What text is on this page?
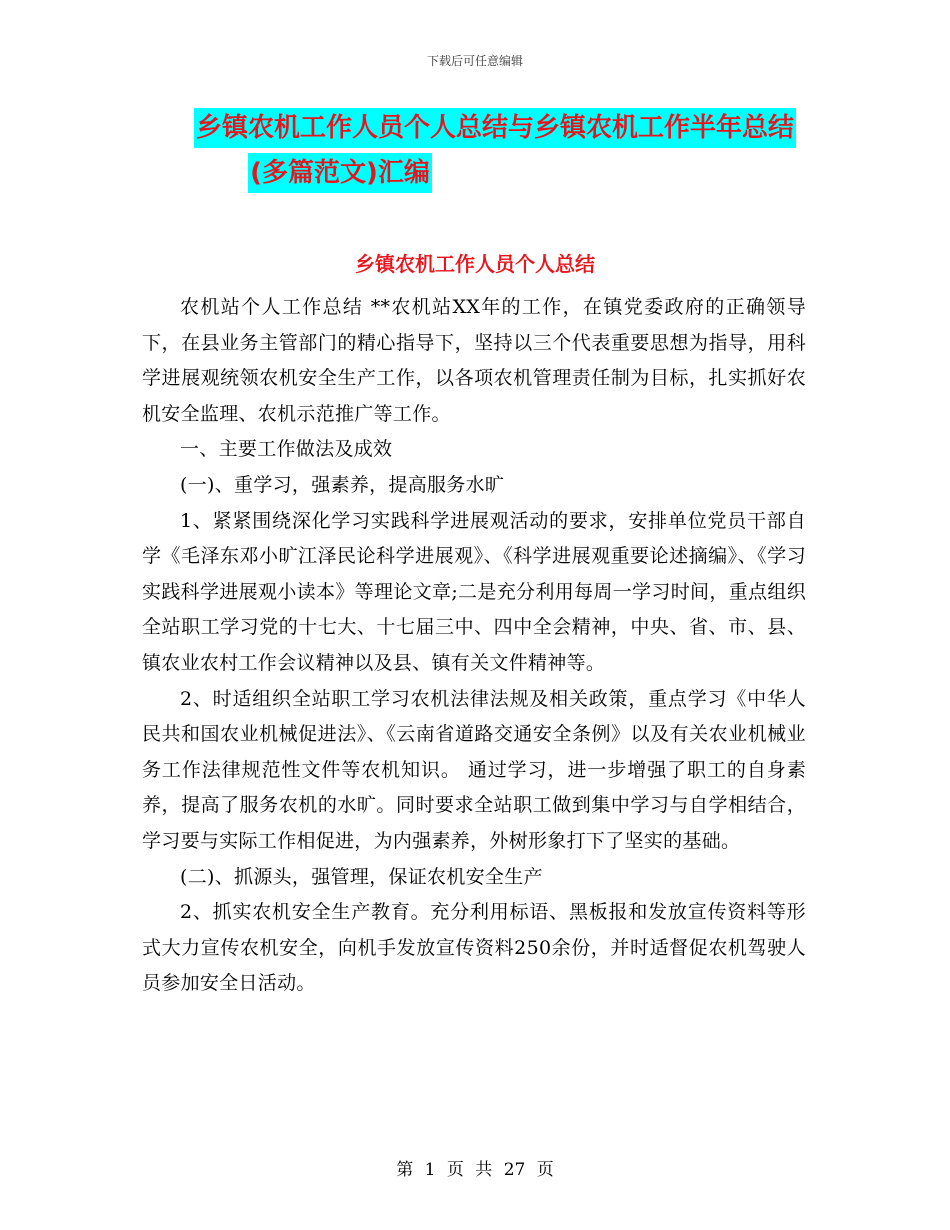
下载后可任意编辑
乡镇农机工作人员个人总结与乡镇农机工作半年总结
(多篇范文)汇编
乡镇农机工作人员个人总结

农机站个人工作总结 **农机站XX年的工作，在镇党委政府的正确领导下，在县业务主管部门的精心指导下，坚持以三个代表重要思想为指导，用科学进展观统领农机安全生产工作，以各项农机管理责任制为目标，扎实抓好农机安全监理、农机示范推广等工作。

一、主要工作做法及成效

(一)、重学习，强素养，提高服务水旷

1、紧紧围绕深化学习实践科学进展观活动的要求，安排单位党员干部自学《毛泽东邓小旷江泽民论科学进展观》、《科学进展观重要论述摘编》、《学习实践科学进展观小读本》等理论文章;二是充分利用每周一学习时间，重点组织全站职工学习党的十七大、十七届三中、四中全会精神，中央、省、市、县、镇农业农村工作会议精神以及县、镇有关文件精神等。

2、时适组织全站职工学习农机法律法规及相关政策，重点学习《中华人民共和国农业机械促进法》、《云南省道路交通安全条例》以及有关农业机械业务工作法律规范性文件等农机知识。 通过学习，进一步增强了职工的自身素养，提高了服务农机的水旷。同时要求全站职工做到集中学习与自学相结合，学习要与实际工作相促进，为内强素养，外树形象打下了坚实的基础。

(二)、抓源头，强管理，保证农机安全生产

2、抓实农机安全生产教育。充分利用标语、黑板报和发放宣传资料等形式大力宣传农机安全，向机手发放宣传资料250余份，并时适督促农机驾驶人员参加安全日活动。

第 1 页 共 27 页
